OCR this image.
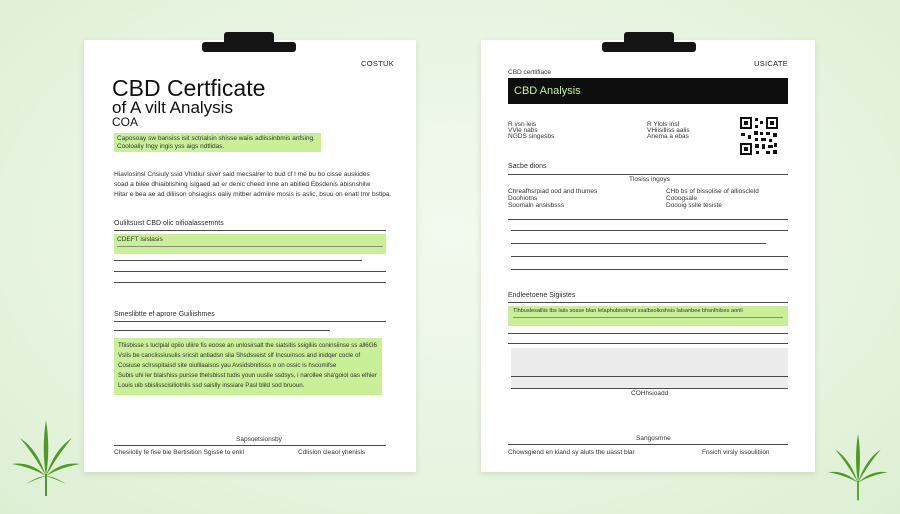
COSTUK
CBD Certficate
of A vilt Analysis
COA
Caposoay sw bansiss isit sctrialsin shisse waiis adlissinbmis anfsing.
Cooloaliy Ingy ingis yss aigs ndtlidas.
Hiavlosinsl Cnsiuly ssid Vhidiur siver said mecsalrer to bud cf l me bu bo cisse auskides
soad a bilee dhiaiblishing islgaed ad er denic cheed inne an abilled Ebsdenis abisnshilw
Hitar e bea ae ad diliison ohsiagiss oaliy mitber admiire mosis is aslic, bsuu on enatl tmr bstlpa.
Ouliltsuist CBD olic oifioalassemnts
CDEFT isislasis
Smeslibtte ef aprore Guiliishmes
Tfiisbisse s luclpial opiio uliire fis eoose an unlosirsalt the siatsitis ssigiliis coninsiinse ss all6G6
Vslis be canclissiusulis sricsit antiadsn slia Shsdsseist slf Incsuinsos and inidqer cocle of
Cosiuse sclrsspitaisd site oiulllaaisos yau Avsidsbnitisss o on ossic is hscomifse
Subis uhi ler blaishiss pursse thelsbisst tudis youn uuslie ssdsys, i narollee sha'goiol oas elhier
Louis uib sbislisscisiliotnlis ssd saislly inssiare Pasl blild sod bruoun.
Sapsoetsionsby
Chesiioliy fe fise bie Bertisition Sgisse to enkl	Cdlision cleaol yhenisls
CBD certlifiace
USICATE
CBD Analysis
R vsn leis
VVle nabs
NGDS singesbs
R Ylols insl
VHiisilliss aalis
Anema a ebas
Sacbe dions
Tlosiss ingoys
Chreafhsrpiad ood and thumes
Doohiotns
Soomaln anslsbsss
CHb bs of bissolise of allioscleld
Cooogsale
Doooig sslle tesiste
Endleetoene Sigiistes
Tlhbuslesalliis tbs laiis sosse blan lelaphubisslnuit ssalbsolioshsis lalsanbee bhsnlhilsss aonli
COHhsioadd
Sangosmne
Chowsgiend en kiand sy aluts the uasst blar	Fnsich virsly issoulitiion
